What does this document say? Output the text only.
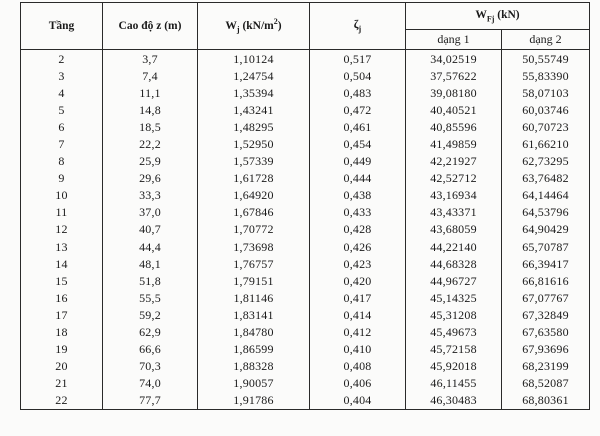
Tầng	Cao độ z (m)	$W_j$ $(kN/m^2)$	$\zeta_j$	$W_{Fj}$ (kN)	
				dạng 1	dạng 2
2	3,7	1,10124	0,517	34,02519	50,55749
3	7,4	1,24754	0,504	37,57622	55,83390
4	11,1	1,35394	0,483	39,08180	58,07103
5	14,8	1,43241	0,472	40,40521	60,03746
6	18,5	1,48295	0,461	40,85596	60,70723
7	22,2	1,52950	0,454	41,49859	61,66210
8	25,9	1,57339	0,449	42,21927	62,73295
9	29,6	1,61728	0,444	42,52712	63,76482
10	33,3	1,64920	0,438	43,16934	64,14464
11	37,0	1,67846	0,433	43,43371	64,53796
12	40,7	1,70772	0,428	43,68059	64,90429
13	44,4	1,73698	0,426	44,22140	65,70787
14	48,1	1,76757	0,423	44,68328	66,39417
15	51,8	1,79151	0,420	44,96727	66,81616
16	55,5	1,81146	0,417	45,14325	67,07767
17	59,2	1,83141	0,414	45,31208	67,32849
18	62,9	1,84780	0,412	45,49673	67,63580
19	66,6	1,86599	0,410	45,72158	67,93696
20	70,3	1,88328	0,408	45,92018	68,23199
21	74,0	1,90057	0,406	46,11455	68,52087
22	77,7	1,91786	0,404	46,30483	68,80361
